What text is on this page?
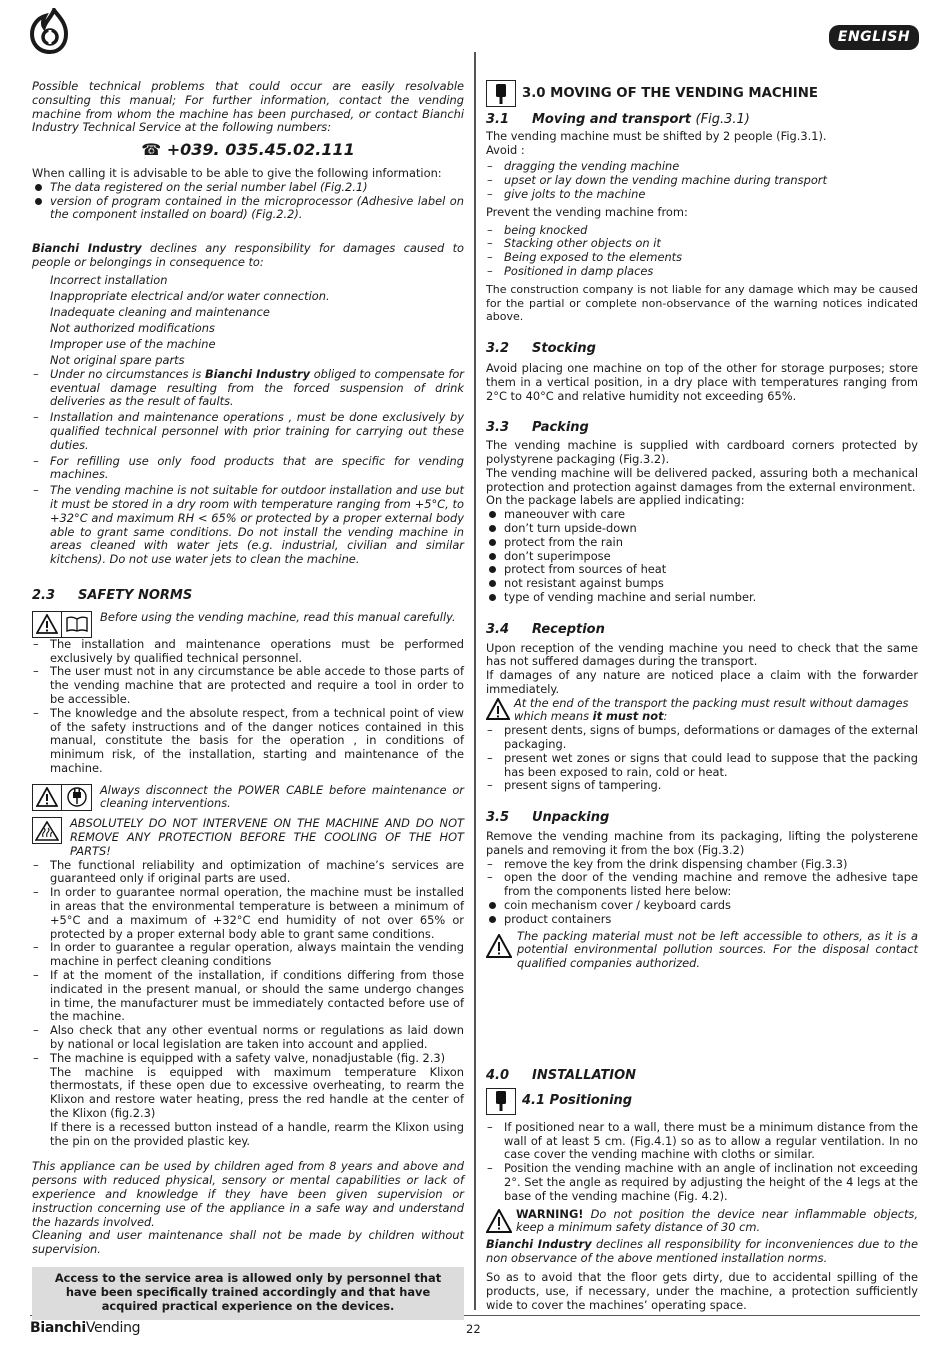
ENGLISH

Possible technical problems that could occur are easily resolvable consulting this manual; For further information, contact the vending machine from whom the machine has been purchased, or contact Bianchi Industry Technical Service at the following numbers:

☎ +039. 035.45.02.111

When calling it is advisable to be able to give the following information:

The data registered on the serial number label (Fig.2.1)

version of program contained in the microprocessor (Adhesive label on the component installed on board) (Fig.2.2).

Bianchi Industry declines any responsibility for damages caused to people or belongings in consequence to:

Incorrect installation

Inappropriate electrical and/or water connection.

Inadequate cleaning and maintenance

Not authorized modifications

Improper use of the machine

Not original spare parts

– Under no circumstances is Bianchi Industry obliged to compensate for eventual damage resulting from the forced suspension of drink deliveries as the result of faults.

– Installation and maintenance operations , must be done exclusively by qualified technical personnel with prior training for carrying out these duties.

– For refilling use only food products that are specific for vending machines.

– The vending machine is not suitable for outdoor installation and use but it must be stored in a dry room with temperature ranging from +5°C, to +32°C and maximum RH < 65% or protected by a proper external body able to grant same conditions. Do not install the vending machine in areas cleaned with water jets (e.g. industrial, civilian and similar kitchens). Do not use water jets to clean the machine.

2.3 SAFETY NORMS

Before using the vending machine, read this manual carefully.

– The installation and maintenance operations must be performed exclusively by qualified technical personnel.

– The user must not in any circumstance be able accede to those parts of the vending machine that are protected and require a tool in order to be accessible.

– The knowledge and the absolute respect, from a technical point of view of the safety instructions and of the danger notices contained in this manual, constitute the basis for the operation , in conditions of minimum risk, of the installation, starting and maintenance of the machine.

Always disconnect the POWER CABLE before maintenance or cleaning interventions.

ABSOLUTELY DO NOT INTERVENE ON THE MACHINE AND DO NOT REMOVE ANY PROTECTION BEFORE THE COOLING OF THE HOT PARTS!

– The functional reliability and optimization of machine’s services are guaranteed only if original parts are used.

– In order to guarantee normal operation, the machine must be installed in areas that the environmental temperature is between a minimum of +5°C and a maximum of +32°C end humidity of not over 65% or protected by a proper external body able to grant same conditions.

– In order to guarantee a regular operation, always maintain the vending machine in perfect cleaning conditions

– If at the moment of the installation, if conditions differing from those indicated in the present manual, or should the same undergo changes in time, the manufacturer must be immediately contacted before use of the machine.

– Also check that any other eventual norms or regulations as laid down by national or local legislation are taken into account and applied.

– The machine is equipped with a safety valve, nonadjustable (fig. 2.3)

The machine is equipped with maximum temperature Klixon thermostats, if these open due to excessive overheating, to rearm the Klixon and restore water heating, press the red handle at the center of the Klixon (fig.2.3)

If there is a recessed button instead of a handle, rearm the Klixon using the pin on the provided plastic key.

This appliance can be used by children aged from 8 years and above and persons with reduced physical, sensory or mental capabilities or lack of experience and knowledge if they have been given supervision or instruction concerning use of the appliance in a safe way and understand the hazards involved.

Cleaning and user maintenance shall not be made by children without supervision.

Access to the service area is allowed only by personnel that have been specifically trained accordingly and that have acquired practical experience on the devices.
3.0 MOVING OF THE VENDING MACHINE

3.1 Moving and transport (Fig.3.1)

The vending machine must be shifted by 2 people (Fig.3.1).

Avoid :

– dragging the vending machine

– upset or lay down the vending machine during transport

– give jolts to the machine

Prevent the vending machine from:

– being knocked

– Stacking other objects on it

– Being exposed to the elements

– Positioned in damp places

The construction company is not liable for any damage which may be caused for the partial or complete non-observance of the warning notices indicated above.

3.2 Stocking

Avoid placing one machine on top of the other for storage purposes; store them in a vertical position, in a dry place with temperatures ranging from 2°C to 40°C and relative humidity not exceeding 65%.

3.3 Packing

The vending machine is supplied with cardboard corners protected by polystyrene packaging (Fig.3.2).

The vending machine will be delivered packed, assuring both a mechanical protection and protection against damages from the external environment.

On the package labels are applied indicating:

maneouver with care

don’t turn upside-down

protect from the rain

don’t superimpose

protect from sources of heat

not resistant against bumps

type of vending machine and serial number.

3.4 Reception

Upon reception of the vending machine you need to check that the same has not suffered damages during the transport.

If damages of any nature are noticed place a claim with the forwarder immediately.

At the end of the transport the packing must result without damages which means it must not:

– present dents, signs of bumps, deformations or damages of the external packaging.

– present wet zones or signs that could lead to suppose that the packing has been exposed to rain, cold or heat.

– present signs of tampering.

3.5 Unpacking

Remove the vending machine from its packaging, lifting the polysterene panels and removing it from the box (Fig.3.2)

– remove the key from the drink dispensing chamber (Fig.3.3)

– open the door of the vending machine and remove the adhesive tape from the components listed here below:

coin mechanism cover / keyboard cards

product containers

The packing material must not be left accessible to others, as it is a potential environmental pollution sources. For the disposal contact qualified companies authorized.

4.0 INSTALLATION

4.1 Positioning

– If positioned near to a wall, there must be a minimum distance from the wall of at least 5 cm. (Fig.4.1) so as to allow a regular ventilation. In no case cover the vending machine with cloths or similar.

– Position the vending machine with an angle of inclination not exceeding 2°. Set the angle as required by adjusting the height of the 4 legs at the base of the vending machine (Fig. 4.2).

WARNING! Do not position the device near inflammable objects, keep a minimum safety distance of 30 cm.

Bianchi Industry declines all responsibility for inconveniences due to the non observance of the above mentioned installation norms.

So as to avoid that the floor gets dirty, due to accidental spilling of the products, use, if necessary, under the machine, a protection sufficiently wide to cover the machines’ operating space.

BianchiVending	22
